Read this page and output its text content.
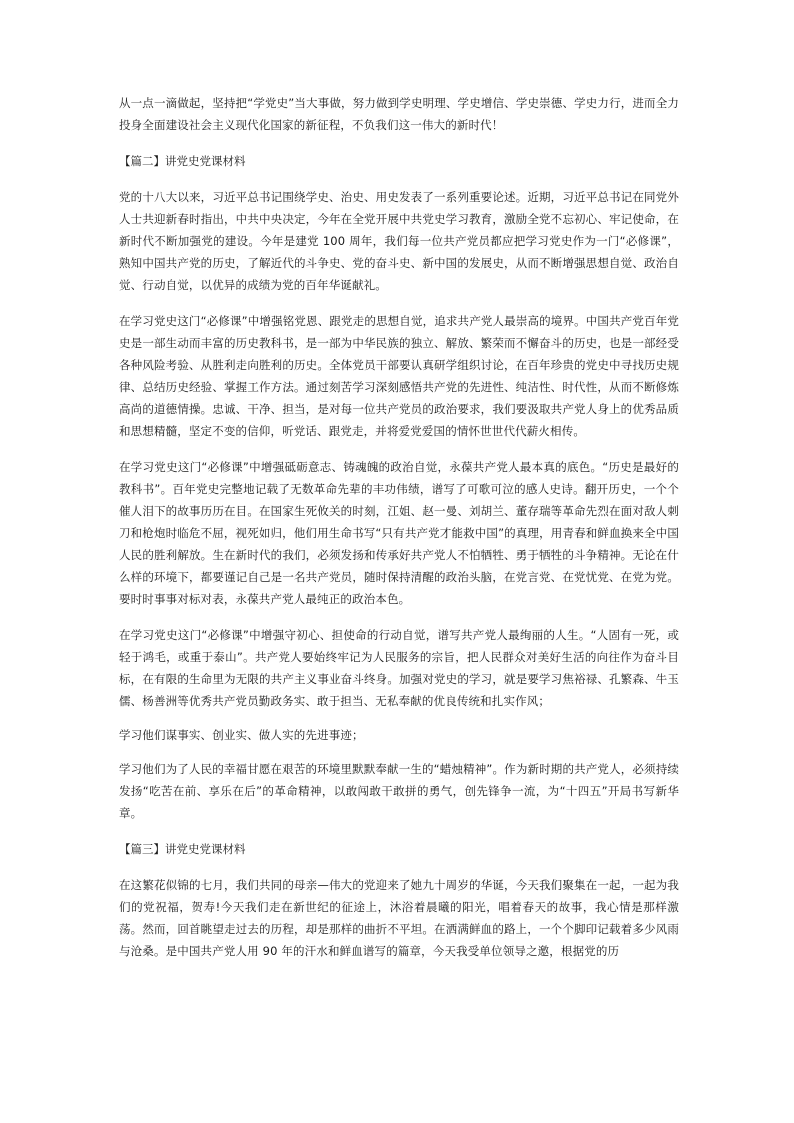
从一点一滴做起，坚持把“学党史”当大事做，努力做到学史明理、学史增信、学史崇德、学史力行，进而全力投身全面建设社会主义现代化国家的新征程，不负我们这一伟大的新时代！

【篇二】讲党史党课材料

党的十八大以来，习近平总书记围绕学史、治史、用史发表了一系列重要论述。近期，习近平总书记在同党外人士共迎新春时指出，中共中央决定，今年在全党开展中共党史学习教育，激励全党不忘初心、牢记使命，在新时代不断加强党的建设。今年是建党 100 周年，我们每一位共产党员都应把学习党史作为一门“必修课”，熟知中国共产党的历史，了解近代的斗争史、党的奋斗史、新中国的发展史，从而不断增强思想自觉、政治自觉、行动自觉，以优异的成绩为党的百年华诞献礼。

在学习党史这门“必修课”中增强铭党恩、跟党走的思想自觉，追求共产党人最崇高的境界。中国共产党百年党史是一部生动而丰富的历史教科书，是一部为中华民族的独立、解放、繁荣而不懈奋斗的历史，也是一部经受各种风险考验、从胜利走向胜利的历史。全体党员干部要认真研学组织讨论，在百年珍贵的党史中寻找历史规律、总结历史经验、掌握工作方法。通过刻苦学习深刻感悟共产党的先进性、纯洁性、时代性，从而不断修炼高尚的道德情操。忠诚、干净、担当，是对每一位共产党员的政治要求，我们要汲取共产党人身上的优秀品质和思想精髓，坚定不变的信仰，听党话、跟党走，并将爱党爱国的情怀世世代代薪火相传。

在学习党史这门“必修课”中增强砥砺意志、铸魂魄的政治自觉，永葆共产党人最本真的底色。“历史是最好的教科书”。百年党史完整地记载了无数革命先辈的丰功伟绩，谱写了可歌可泣的感人史诗。翻开历史，一个个催人泪下的故事历历在目。在国家生死攸关的时刻，江姐、赵一曼、刘胡兰、董存瑞等革命先烈在面对敌人刺刀和枪炮时临危不屈，视死如归，他们用生命书写“只有共产党才能救中国”的真理，用青春和鲜血换来全中国人民的胜利解放。生在新时代的我们，必须发扬和传承好共产党人不怕牺牲、勇于牺牲的斗争精神。无论在什么样的环境下，都要谨记自己是一名共产党员，随时保持清醒的政治头脑，在党言党、在党忧党、在党为党。要时时事事对标对表，永葆共产党人最纯正的政治本色。

在学习党史这门“必修课”中增强守初心、担使命的行动自觉，谱写共产党人最绚丽的人生。“人固有一死，或轻于鸿毛，或重于泰山”。共产党人要始终牢记为人民服务的宗旨，把人民群众对美好生活的向往作为奋斗目标，在有限的生命里为无限的共产主义事业奋斗终身。加强对党史的学习，就是要学习焦裕禄、孔繁森、牛玉儒、杨善洲等优秀共产党员勤政务实、敢于担当、无私奉献的优良传统和扎实作风；

学习他们谋事实、创业实、做人实的先进事迹；

学习他们为了人民的幸福甘愿在艰苦的环境里默默奉献一生的“蜡烛精神”。作为新时期的共产党人，必须持续发扬“吃苦在前、享乐在后”的革命精神，以敢闯敢干敢拼的勇气，创先锋争一流，为“十四五”开局书写新华章。

【篇三】讲党史党课材料

在这繁花似锦的七月，我们共同的母亲—伟大的党迎来了她九十周岁的华诞，今天我们聚集在一起，一起为我们的党祝福，贺寿!今天我们走在新世纪的征途上，沐浴着晨曦的阳光，唱着春天的故事，我心情是那样激荡。然而，回首眺望走过去的历程，却是那样的曲折不平坦。在洒满鲜血的路上，一个个脚印记载着多少风雨与沧桑。是中国共产党人用 90 年的汗水和鲜血谱写的篇章，今天我受单位领导之邀，根据党的历
